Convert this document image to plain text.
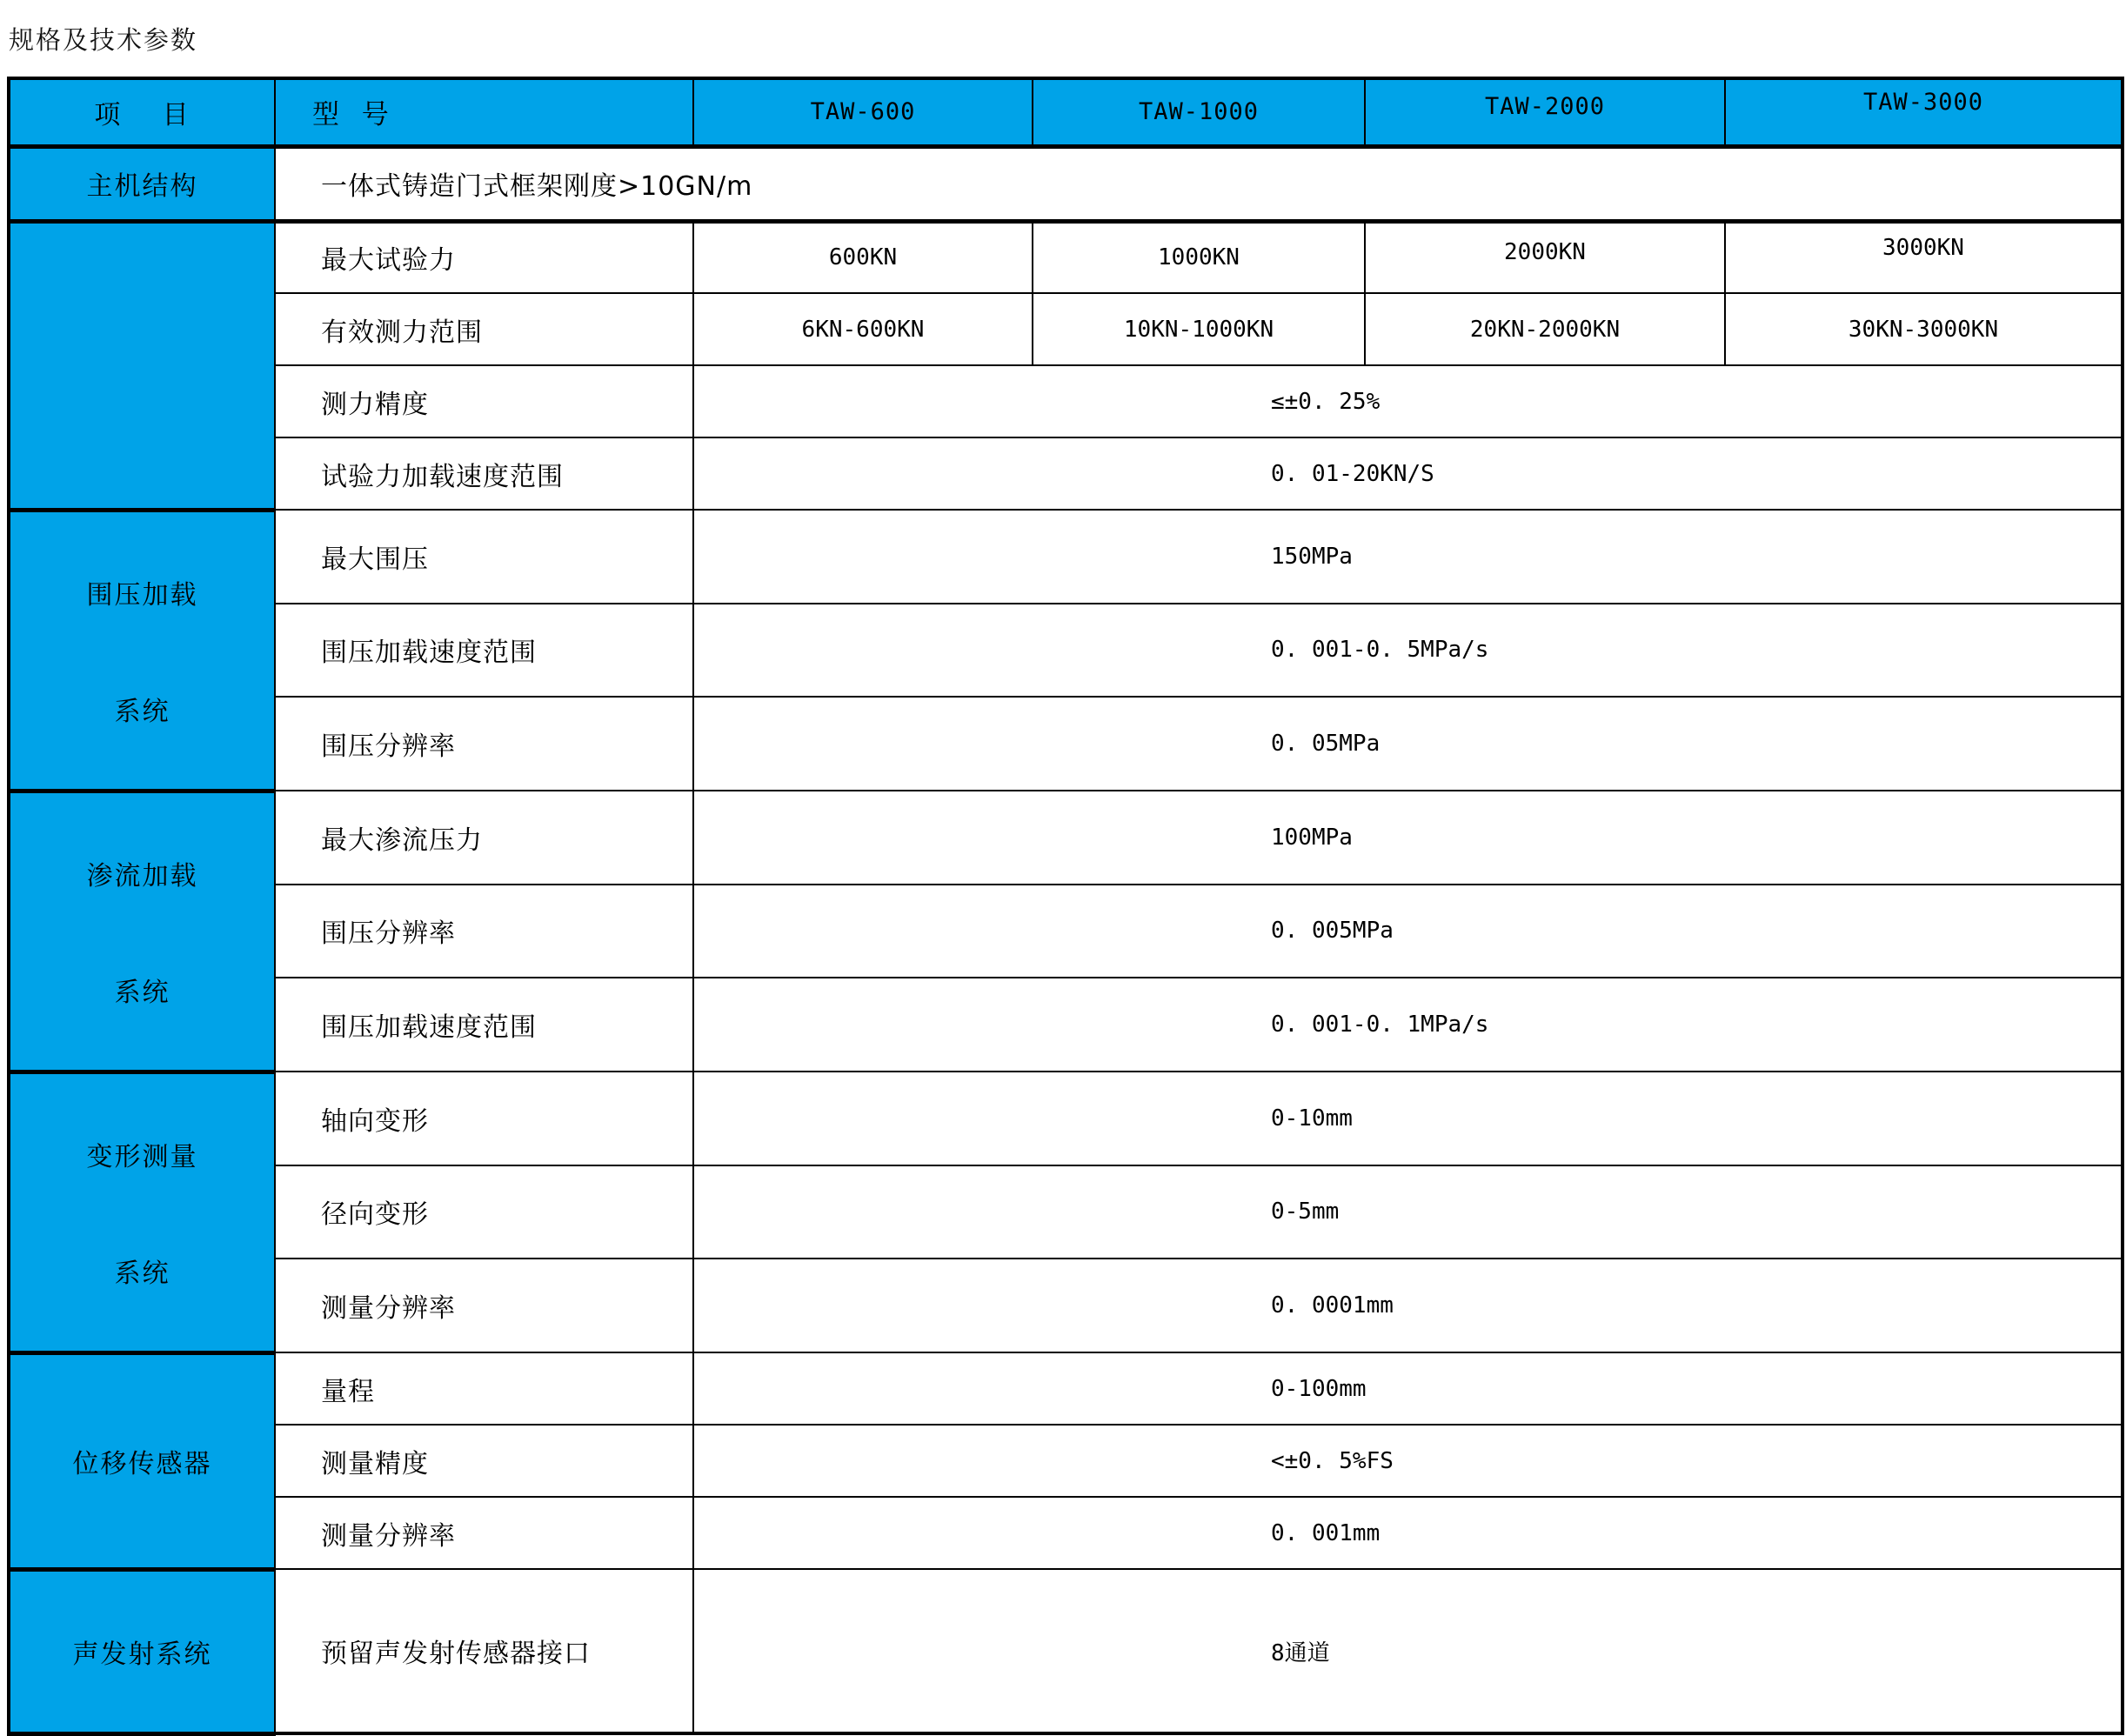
规格及技术参数
项    目	型  号	TAW-600	TAW-1000	TAW-2000	TAW-3000

主机结构	一体式铸造门式框架刚度>10GN/m				
	最大试验力	600KN	1000KN	2000KN	3000KN

	有效测力范围	6KN-600KN	10KN-1000KN	20KN-2000KN	30KN-3000KN
	测力精度	≤±0. 25%			
	试验力加载速度范围	0. 01-20KN/S			

围压加载

系统	最大围压	150MPa			
	围压加载速度范围	0. 001-0. 5MPa/s			
	围压分辨率	0. 05MPa			

渗流加载

系统	最大渗流压力	100MPa			
	围压分辨率	0. 005MPa			
	围压加载速度范围	0. 001-0. 1MPa/s			

变形测量

系统	轴向变形	0-10mm			
	径向变形	0-5mm			
	测量分辨率	0. 0001mm			

位移传感器	量程	0-100mm			
	测量精度	<±0. 5%FS			
	测量分辨率	0. 001mm			

声发射系统	预留声发射传感器接口	8通道			
